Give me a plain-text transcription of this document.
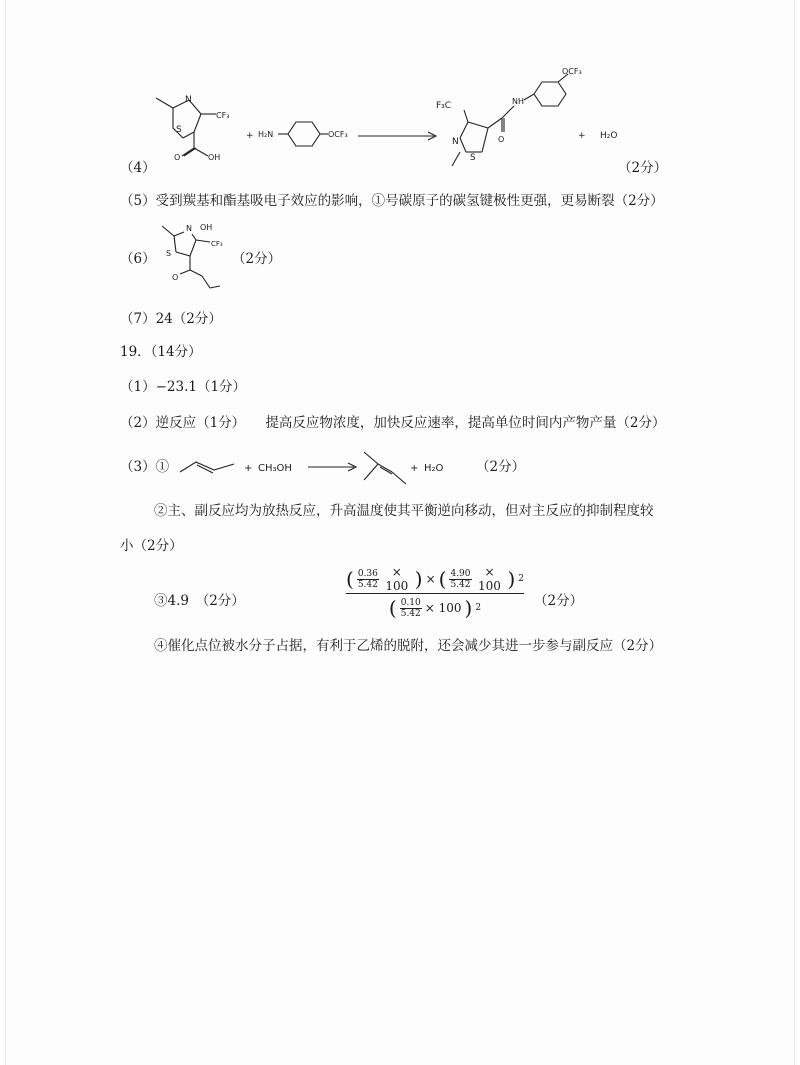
N
S
CF₃
O	OH
+ H₂N	OCF₃
F₃C
N
S
O
NH
OCF₃
+ H₂O
（4）	（2分）
（5）受到羰基和酯基吸电子效应的影响，①号碳原子的碳氢键极性更强，更易断裂（2分）
（6）
N OH
CF₃
S
O
（2分）
（7）24（2分）
19．（14分）
（1）−23.1（1分）
（2）逆反应（1分）　　提高反应物浓度，加快反应速率，提高单位时间内产物产量（2分）
（3）①	+ CH₃OH	+ H₂O （2分）
②主、副反应均为放热反应，升高温度使其平衡逆向移动，但对主反应的抑制程度较
小（2分）
③4.9　（2分）
( $\frac{0.36}{5.42}$	× 100 ) × ( $\frac{4.90}{5.42}$	× 100 ) 2
( $\frac{0.10}{5.42} \times 100$ ) 2	（2分）
④催化点位被水分子占据，有利于乙烯的脱附，还会减少其进一步参与副反应（2分）
